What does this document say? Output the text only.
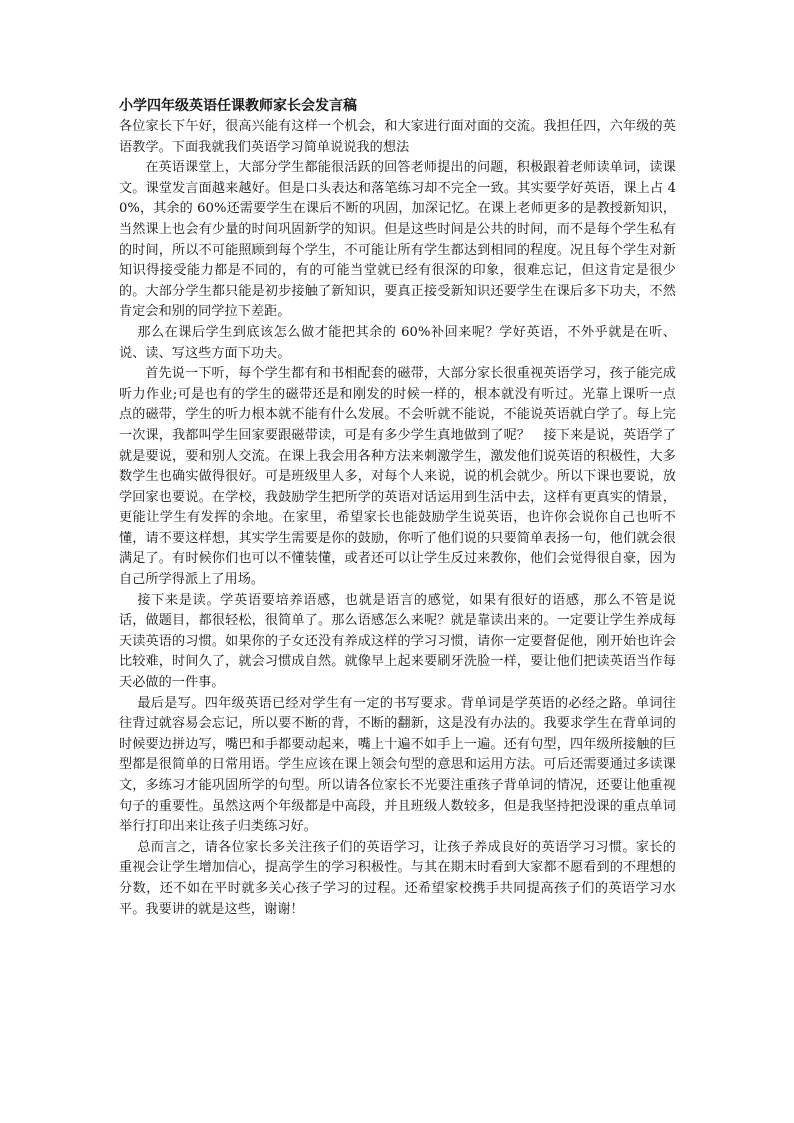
小学四年级英语任课教师家长会发言稿

各位家长下午好，很高兴能有这样一个机会，和大家进行面对面的交流。我担任四，六年级的英语教学。下面我就我们英语学习简单说说我的想法

在英语课堂上，大部分学生都能很活跃的回答老师提出的问题，积极跟着老师读单词，读课文。课堂发言面越来越好。但是口头表达和落笔练习却不完全一致。其实要学好英语，课上占 40%，其余的 60%还需要学生在课后不断的巩固，加深记忆。在课上老师更多的是教授新知识，当然课上也会有少量的时间巩固新学的知识。但是这些时间是公共的时间，而不是每个学生私有的时间，所以不可能照顾到每个学生，不可能让所有学生都达到相同的程度。况且每个学生对新知识得接受能力都是不同的，有的可能当堂就已经有很深的印象，很难忘记，但这肯定是很少的。大部分学生都只能是初步接触了新知识，要真正接受新知识还要学生在课后多下功夫，不然肯定会和别的同学拉下差距。

那么在课后学生到底该怎么做才能把其余的 60%补回来呢？学好英语，不外乎就是在听、说、读、写这些方面下功夫。

首先说一下听，每个学生都有和书相配套的磁带，大部分家长很重视英语学习，孩子能完成听力作业;可是也有的学生的磁带还是和刚发的时候一样的，根本就没有听过。光靠上课听一点点的磁带，学生的听力根本就不能有什么发展。不会听就不能说，不能说英语就白学了。每上完一次课，我都叫学生回家要跟磁带读，可是有多少学生真地做到了呢？　接下来是说，英语学了就是要说，要和别人交流。在课上我会用各种方法来刺激学生，激发他们说英语的积极性，大多数学生也确实做得很好。可是班级里人多，对每个人来说，说的机会就少。所以下课也要说，放学回家也要说。在学校，我鼓励学生把所学的英语对话运用到生活中去，这样有更真实的情景，更能让学生有发挥的余地。在家里，希望家长也能鼓励学生说英语，也许你会说你自己也听不懂，请不要这样想，其实学生需要是你的鼓励，你听了他们说的只要简单表扬一句，他们就会很满足了。有时候你们也可以不懂装懂，或者还可以让学生反过来教你，他们会觉得很自豪，因为自己所学得派上了用场。

接下来是读。学英语要培养语感，也就是语言的感觉，如果有很好的语感，那么不管是说话，做题目，都很轻松，很简单了。那么语感怎么来呢？就是靠读出来的。一定要让学生养成每天读英语的习惯。如果你的子女还没有养成这样的学习习惯，请你一定要督促他，刚开始也许会比较难，时间久了，就会习惯成自然。就像早上起来要刷牙洗脸一样，要让他们把读英语当作每天必做的一件事。

最后是写。四年级英语已经对学生有一定的书写要求。背单词是学英语的必经之路。单词往往背过就容易会忘记，所以要不断的背，不断的翻新，这是没有办法的。我要求学生在背单词的时候要边拼边写，嘴巴和手都要动起来，嘴上十遍不如手上一遍。还有句型，四年级所接触的巨型都是很简单的日常用语。学生应该在课上领会句型的意思和运用方法。可后还需要通过多读课文，多练习才能巩固所学的句型。所以请各位家长不光要注重孩子背单词的情况，还要让他重视句子的重要性。虽然这两个年级都是中高段，并且班级人数较多，但是我坚持把没课的重点单词举行打印出来让孩子归类练习好。

总而言之，请各位家长多关注孩子们的英语学习，让孩子养成良好的英语学习习惯。家长的重视会让学生增加信心，提高学生的学习积极性。与其在期末时看到大家都不愿看到的不理想的分数，还不如在平时就多关心孩子学习的过程。还希望家校携手共同提高孩子们的英语学习水平。我要讲的就是这些，谢谢！
